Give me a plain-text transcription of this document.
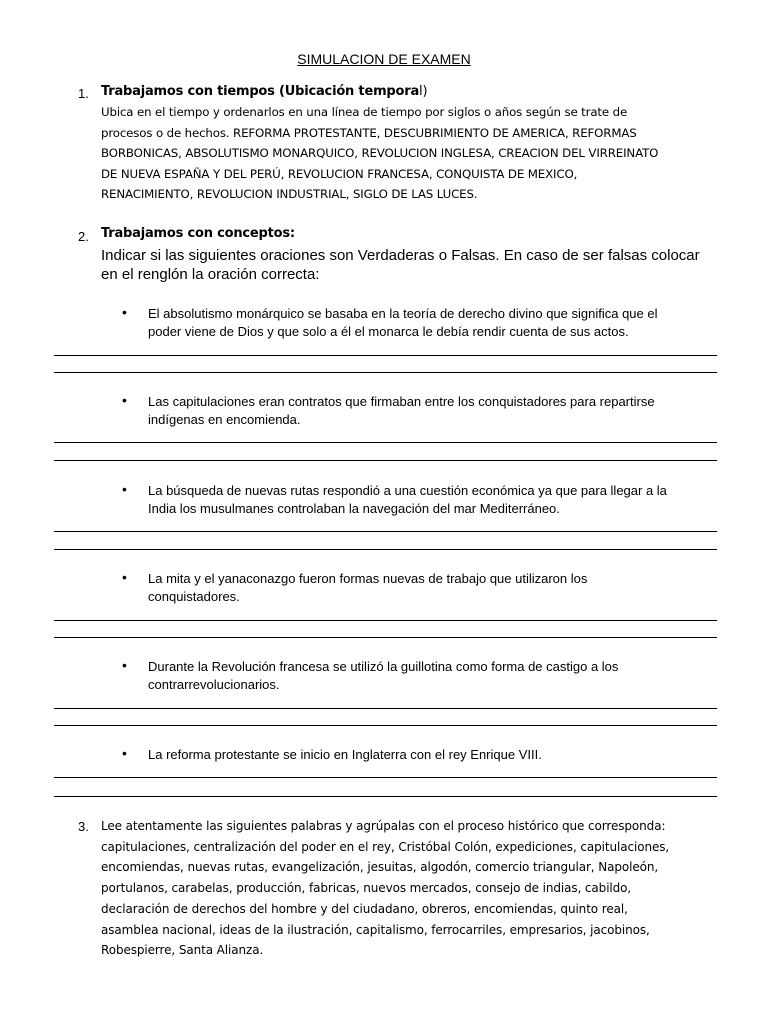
SIMULACION DE EXAMEN
1. Trabajamos con tiempos (Ubicación temporal)
Ubica en el tiempo y ordenarlos en una línea de tiempo por siglos o años según se trate de
procesos o de hechos. REFORMA PROTESTANTE, DESCUBRIMIENTO DE AMERICA, REFORMAS
BORBONICAS, ABSOLUTISMO MONARQUICO, REVOLUCION INGLESA, CREACION DEL VIRREINATO
DE NUEVA ESPAÑA Y DEL PERÚ, REVOLUCION FRANCESA, CONQUISTA DE MEXICO,
RENACIMIENTO, REVOLUCION INDUSTRIAL, SIGLO DE LAS LUCES.
2. Trabajamos con conceptos:
Indicar si las siguientes oraciones son Verdaderas o Falsas. En caso de ser falsas colocar
en el renglón la oración correcta:
• El absolutismo monárquico se basaba en la teoría de derecho divino que significa que el
poder viene de Dios y que solo a él el monarca le debía rendir cuenta de sus actos.
• Las capitulaciones eran contratos que firmaban entre los conquistadores para repartirse
indígenas en encomienda.
• La búsqueda de nuevas rutas respondió a una cuestión económica ya que para llegar a la
India los musulmanes controlaban la navegación del mar Mediterráneo.
• La mita y el yanaconazgo fueron formas nuevas de trabajo que utilizaron los
conquistadores.
• Durante la Revolución francesa se utilizó la guillotina como forma de castigo a los
contrarrevolucionarios.
• La reforma protestante se inicio en Inglaterra con el rey Enrique VIII.
3. Lee atentamente las siguientes palabras y agrúpalas con el proceso histórico que corresponda:
capitulaciones, centralización del poder en el rey, Cristóbal Colón, expediciones, capitulaciones,
encomiendas, nuevas rutas, evangelización, jesuitas, algodón, comercio triangular, Napoleón,
portulanos, carabelas, producción, fabricas, nuevos mercados, consejo de indias, cabildo,
declaración de derechos del hombre y del ciudadano, obreros, encomiendas, quinto real,
asamblea nacional, ideas de la ilustración, capitalismo, ferrocarriles, empresarios, jacobinos,
Robespierre, Santa Alianza.
